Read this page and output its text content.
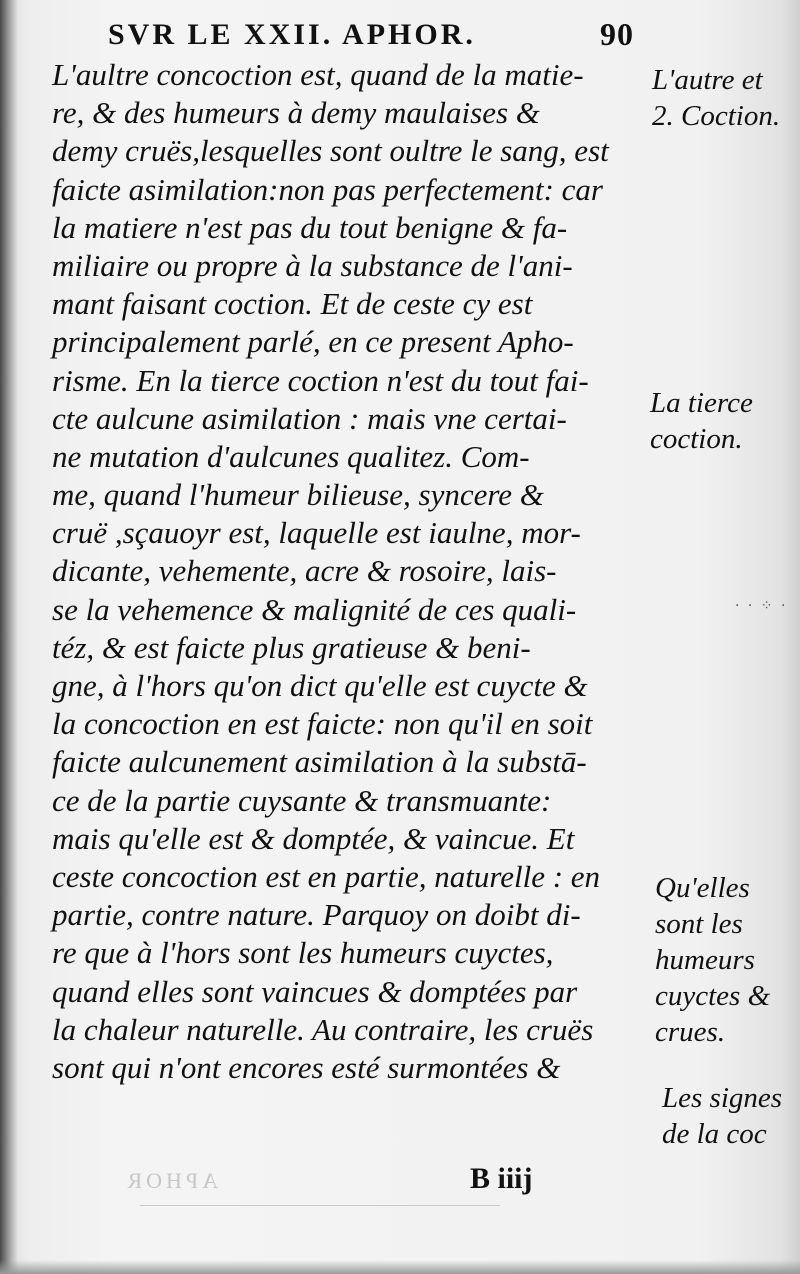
SVR LE XXII. APHOR.	90
L'aultre concoction est, quand de la matie-
re, & des humeurs à demy maulaises &
demy cruës,lesquelles sont oultre le sang, est
faicte asimilation:non pas perfectement: car
la matiere n'est pas du tout benigne & fa-
miliaire ou propre à la substance de l'ani-
mant faisant coction. Et de ceste cy est
principalement parlé, en ce present Apho-
risme. En la tierce coction n'est du tout fai-
cte aulcune asimilation : mais vne certai-
ne mutation d'aulcunes qualitez. Com-
me, quand l'humeur bilieuse, syncere &
cruë ,sçauoyr est, laquelle est iaulne, mor-
dicante, vehemente, acre & rosoire, lais-
se la vehemence & malignité de ces quali-
téz, & est faicte plus gratieuse & beni-
gne, à l'hors qu'on dict qu'elle est cuycte &
la concoction en est faicte: non qu'il en soit
faicte aulcunement asimilation à la substā-
ce de la partie cuysante & transmuante:
mais qu'elle est & domptée, & vaincue. Et
ceste concoction est en partie, naturelle : en
partie, contre nature. Parquoy on doibt di-
re que à l'hors sont les humeurs cuyctes,
quand elles sont vaincues & domptées par
la chaleur naturelle. Au contraire, les cruës
sont qui n'ont encores esté surmontées &
L'autre et
2. Coction.
La tierce
coction.
· · ⁘ ·
Qu'elles
sont les
humeurs
cuyctes &
crues.
Les signes
de la coc
APHOR	B iiij
